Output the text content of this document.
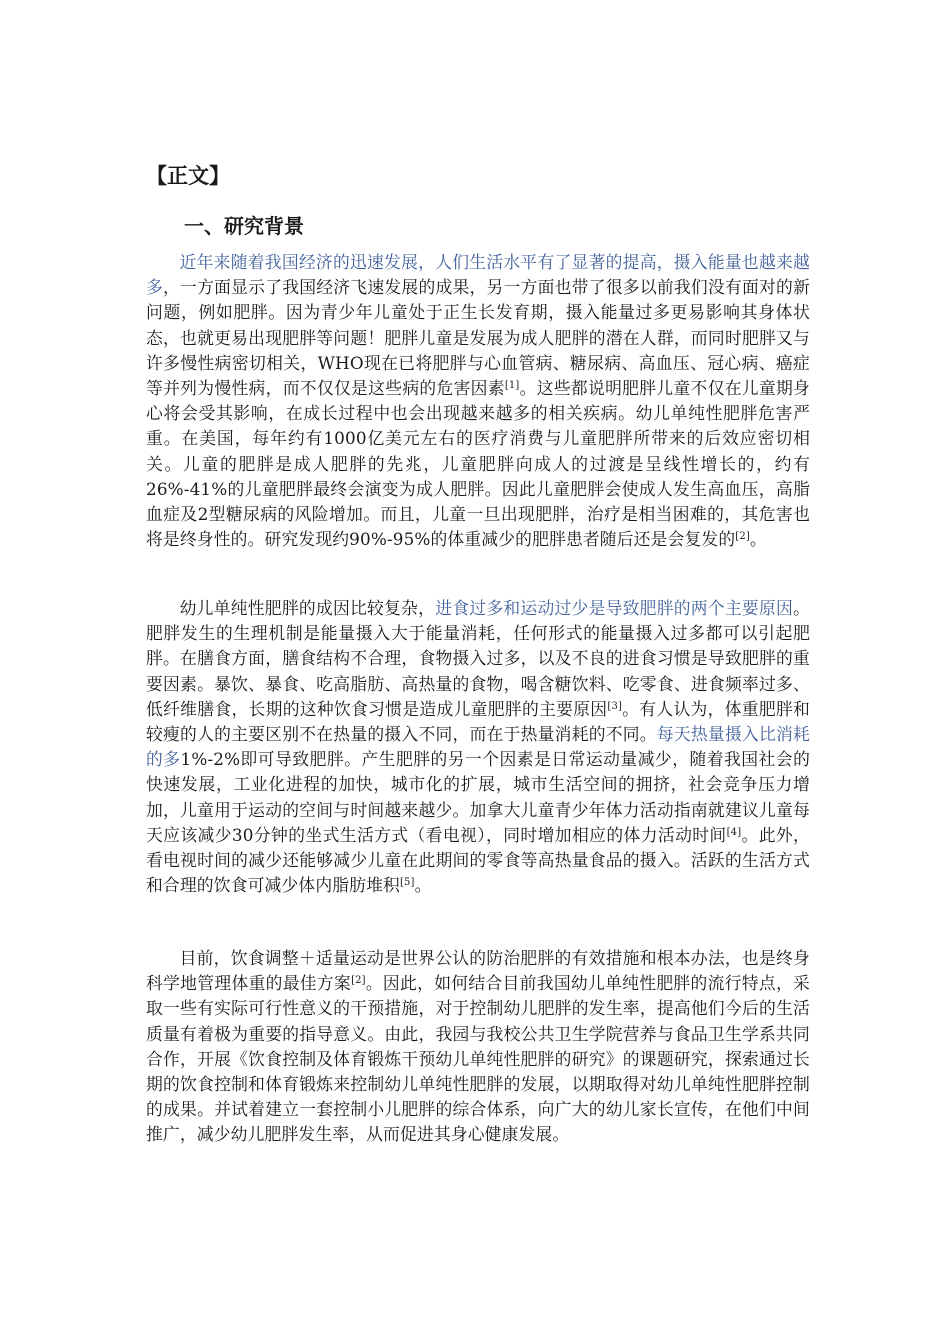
【正文】
一、研究背景

近年来随着我国经济的迅速发展，人们生活水平有了显著的提高，摄入能量也越来越多，一方面显示了我国经济飞速发展的成果，另一方面也带了很多以前我们没有面对的新问题，例如肥胖。因为青少年儿童处于正生长发育期，摄入能量过多更易影响其身体状态，也就更易出现肥胖等问题！肥胖儿童是发展为成人肥胖的潜在人群，而同时肥胖又与许多慢性病密切相关，WHO现在已将肥胖与心血管病、糖尿病、高血压、冠心病、癌症等并列为慢性病，而不仅仅是这些病的危害因素[1]。这些都说明肥胖儿童不仅在儿童期身心将会受其影响，在成长过程中也会出现越来越多的相关疾病。幼儿单纯性肥胖危害严重。在美国，每年约有1000亿美元左右的医疗消费与儿童肥胖所带来的后效应密切相关。儿童的肥胖是成人肥胖的先兆，儿童肥胖向成人的过渡是呈线性增长的，约有26%-41%的儿童肥胖最终会演变为成人肥胖。因此儿童肥胖会使成人发生高血压，高脂血症及2型糖尿病的风险增加。而且，儿童一旦出现肥胖，治疗是相当困难的，其危害也将是终身性的。研究发现约90%-95%的体重减少的肥胖患者随后还是会复发的[2]。

幼儿单纯性肥胖的成因比较复杂，进食过多和运动过少是导致肥胖的两个主要原因。肥胖发生的生理机制是能量摄入大于能量消耗，任何形式的能量摄入过多都可以引起肥胖。在膳食方面，膳食结构不合理，食物摄入过多，以及不良的进食习惯是导致肥胖的重要因素。暴饮、暴食、吃高脂肪、高热量的食物，喝含糖饮料、吃零食、进食频率过多、低纤维膳食，长期的这种饮食习惯是造成儿童肥胖的主要原因[3]。有人认为，体重肥胖和较瘦的人的主要区别不在热量的摄入不同，而在于热量消耗的不同。每天热量摄入比消耗的多1%-2%即可导致肥胖。产生肥胖的另一个因素是日常运动量减少，随着我国社会的快速发展，工业化进程的加快，城市化的扩展，城市生活空间的拥挤，社会竞争压力增加，儿童用于运动的空间与时间越来越少。加拿大儿童青少年体力活动指南就建议儿童每天应该减少30分钟的坐式生活方式（看电视），同时增加相应的体力活动时间[4]。此外，看电视时间的减少还能够减少儿童在此期间的零食等高热量食品的摄入。活跃的生活方式和合理的饮食可减少体内脂肪堆积[5]。

目前，饮食调整＋适量运动是世界公认的防治肥胖的有效措施和根本办法，也是终身科学地管理体重的最佳方案[2]。因此，如何结合目前我国幼儿单纯性肥胖的流行特点，采取一些有实际可行性意义的干预措施，对于控制幼儿肥胖的发生率，提高他们今后的生活质量有着极为重要的指导意义。由此，我园与我校公共卫生学院营养与食品卫生学系共同合作，开展《饮食控制及体育锻炼干预幼儿单纯性肥胖的研究》的课题研究，探索通过长期的饮食控制和体育锻炼来控制幼儿单纯性肥胖的发展，以期取得对幼儿单纯性肥胖控制的成果。并试着建立一套控制小儿肥胖的综合体系，向广大的幼儿家长宣传，在他们中间推广，减少幼儿肥胖发生率，从而促进其身心健康发展。
